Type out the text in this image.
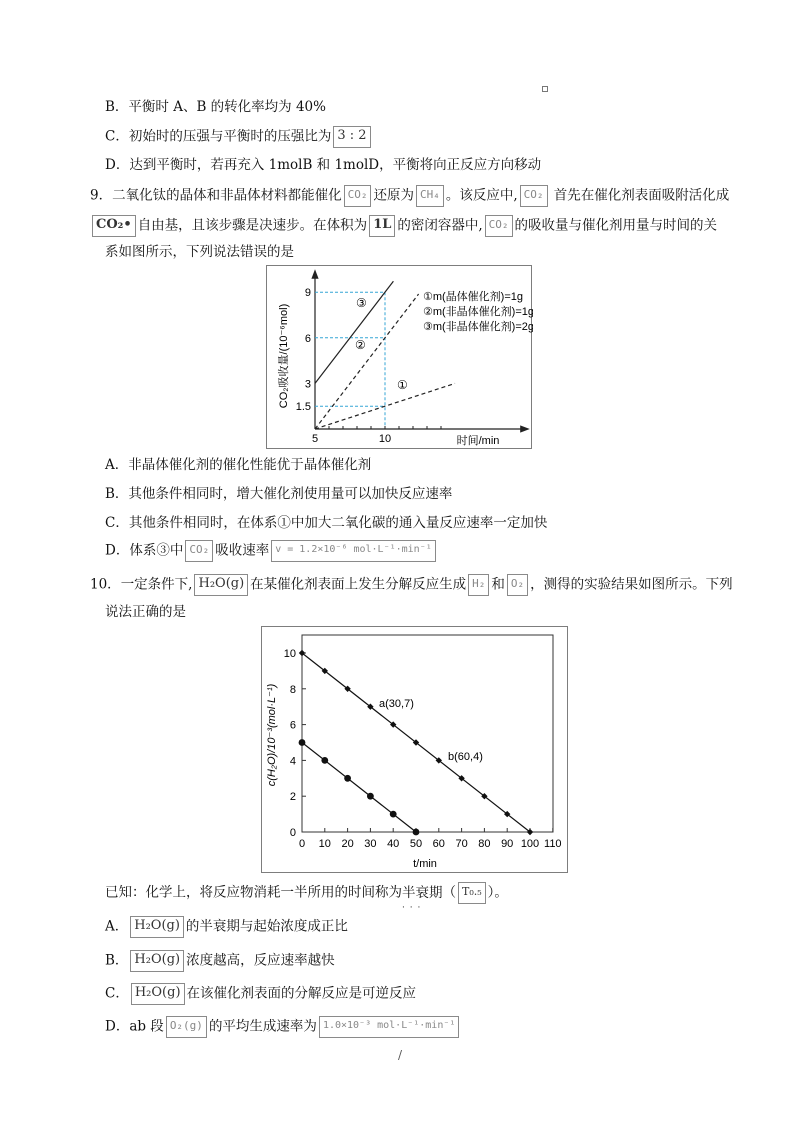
B．平衡时 A、B 的转化率均为 40%
C．初始时的压强与平衡时的压强比为 3 : 2
D．达到平衡时，若再充入 1molB 和 1molD，平衡将向正反应方向移动
9．二氧化钛的晶体和非晶体材料都能催化 CO₂ 还原为 CH₄ 。该反应中, CO₂ 首先在催化剂表面吸附活化成
CO₂• 自由基，且该步骤是决速步。在体积为 1L 的密闭容器中, CO₂ 的吸收量与催化剂用量与时间的关
系如图所示，下列说法错误的是
1.5
3
6
9
5	10
CO₂吸收量/(10⁻⁶mol)
时间/min
①m(晶体催化剂)=1g
②m(非晶体催化剂)=1g
③m(非晶体催化剂)=2g
③
②
①
A．非晶体催化剂的催化性能优于晶体催化剂
B．其他条件相同时，增大催化剂使用量可以加快反应速率
C．其他条件相同时，在体系①中加大二氧化碳的通入量反应速率一定加快
D．体系③中 CO₂ 吸收速率 v = 1.2×10⁻⁶ mol·L⁻¹·min⁻¹
10．一定条件下, H₂O(g) 在某催化剂表面上发生分解反应生成 H₂ 和 O₂ ，测得的实验结果如图所示。下列
说法正确的是
0
2
4
6
8
10
0 10 20 30 40 50 60 70 80 90 100 110
c(H₂O)/10⁻³(mol·L⁻¹)
t/min
a(30,7)
b(60,4)
已知：化学上，将反应物消耗一半所用的时间称为半衰期 · · ·（ T₀.₅ ）。
A． H₂O(g) 的半衰期与起始浓度成正比
B． H₂O(g) 浓度越高，反应速率越快
C． H₂O(g) 在该催化剂表面的分解反应是可逆反应
D．ab 段 O₂(g) 的平均生成速率为 1.0×10⁻³ mol·L⁻¹·min⁻¹
/
